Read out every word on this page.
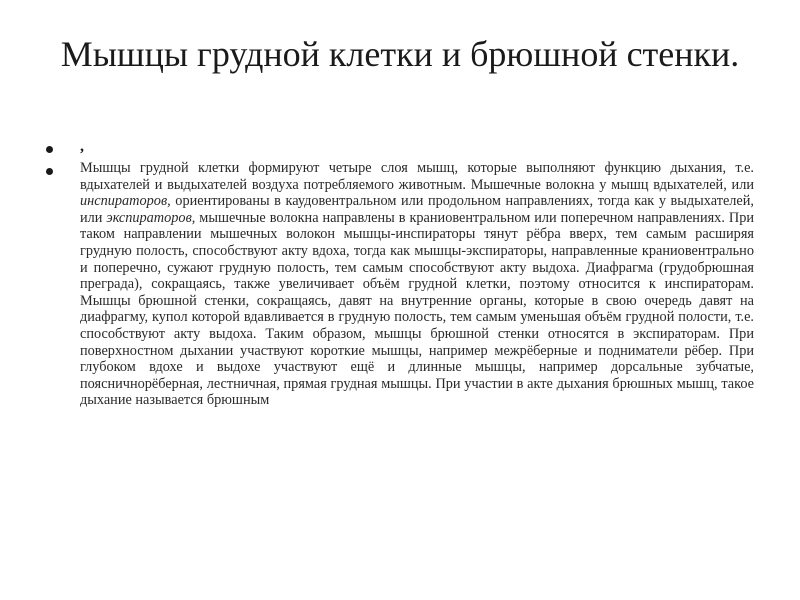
Мышцы грудной клетки и брюшной стенки.
,
Мышцы грудной клетки формируют четыре слоя мышц, которые выполняют функцию дыхания, т.е. вдыхателей и выдыхателей воздуха потребляемого животным. Мышечные волокна у мышц вдыхателей, или инспираторов, ориентированы в каудовентральном или продольном направлениях, тогда как у выдыхателей, или экспираторов, мышечные волокна направлены в краниовентральном или поперечном направлениях. При таком направлении мышечных волокон мышцы-инспираторы тянут рёбра вверх, тем самым расширяя грудную полость, способствуют акту вдоха, тогда как мышцы-экспираторы, направленные краниовентрально и поперечно, сужают грудную полость, тем самым способствуют акту выдоха. Диафрагма (грудобрюшная преграда), сокращаясь, также увеличивает объём грудной клетки, поэтому относится к инспираторам. Мышцы брюшной стенки, сокращаясь, давят на внутренние органы, которые в свою очередь давят на диафрагму, купол которой вдавливается в грудную полость, тем самым уменьшая объём грудной полости, т.е. способствуют акту выдоха. Таким образом, мышцы брюшной стенки относятся в экспираторам. При поверхностном дыхании участвуют короткие мышцы, например межрёберные и подниматели рёбер. При глубоком вдохе и выдохе участвуют ещё и длинные мышцы, например дорсальные зубчатые, поясничнорёберная, лестничная, прямая грудная мышцы. При участии в акте дыхания брюшных мышц, такое дыхание называется брюшным
